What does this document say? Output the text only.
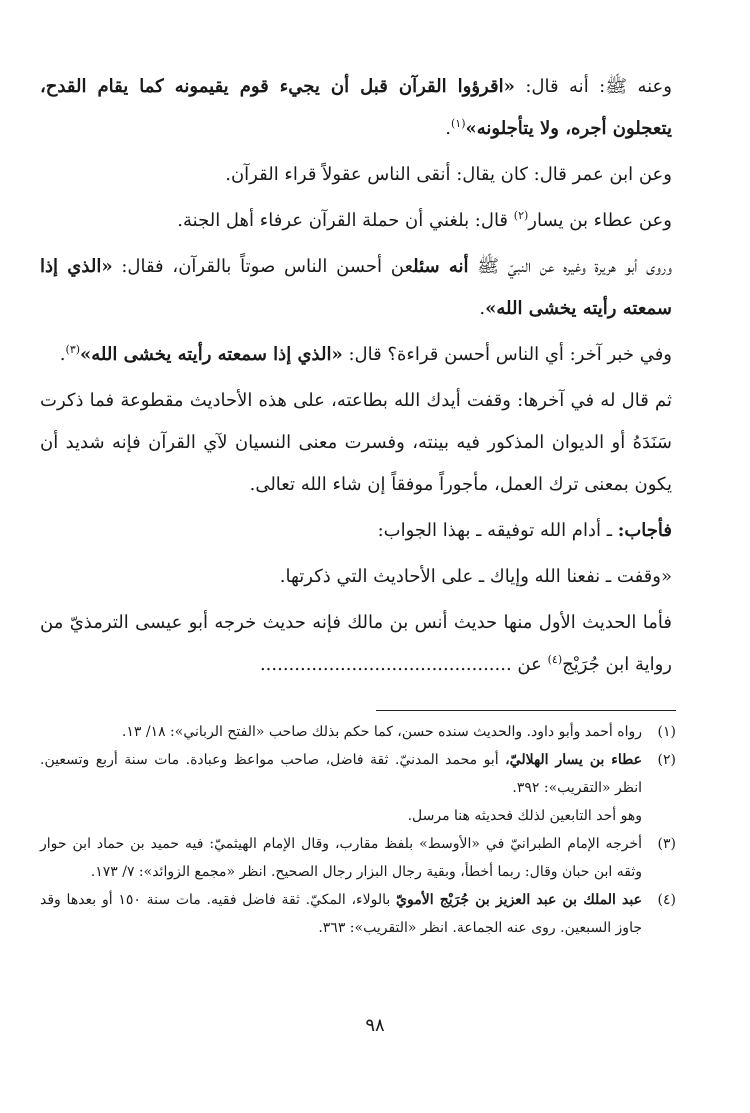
وعنه ﷺ: أنه قال: «اقرؤوا القرآن قبل أن يجيء قوم يقيمونه كما يقام القدح، يتعجلون أجره، ولا يتأجلونه»$^{(١)}$.

وعن ابن عمر قال: كان يقال: أنقى الناس عقولاً قراء القرآن.

وعن عطاء بن يسار$^{(٢)}$ قال: بلغني أن حملة القرآن عرفاء أهل الجنة.

وروى أبو هريرة وغيره عن النبيّ ﷺ أنه سئلعن أحسن الناس صوتاً بالقرآن، فقال: «الذي إذا سمعته رأيته يخشى الله».

وفي خبر آخر: أي الناس أحسن قراءة؟ قال: «الذي إذا سمعته رأيته يخشى الله»$^{(٣)}$.

ثم قال له في آخرها: وقفت أيدك الله بطاعته، على هذه الأحاديث مقطوعة فما ذكرت سَنَدَهُ أو الديوان المذكور فيه بينته، وفسرت معنى النسيان لآي القرآن فإنه شديد أن يكون بمعنى ترك العمل، مأجوراً موفقاً إن شاء الله تعالى.

فأجاب: ـ أدام الله توفيقه ـ بهذا الجواب:

«وقفت ـ نفعنا الله وإياك ـ على الأحاديث التي ذكرتها.

فأما الحديث الأول منها حديث أنس بن مالك فإنه حديث خرجه أبو عيسى الترمذيّ من رواية ابن جُرَيْج$^{(٤)}$ عن ............................................

(١)
رواه أحمد وأبو داود. والحديث سنده حسن، كما حكم بذلك صاحب «الفتح الرباني»: ١٨/ ١٣.
(٢)
عطاء بن يسار الهلاليّ، أبو محمد المدنيّ. ثقة فاضل، صاحب مواعظ وعبادة. مات سنة أربع وتسعين. انظر «التقريب»: ٣٩٢.
وهو أحد التابعين لذلك فحديثه هنا مرسل.
(٣)
أخرجه الإمام الطبرانيّ في «الأوسط» بلفظ مقارب، وقال الإمام الهيثميّ: فيه حميد بن حماد ابن حوار وثقه ابن حبان وقال: ربما أخطأ، وبقية رجال البزار رجال الصحيح. انظر «مجمع الزوائد»: ٧/ ١٧٣.
(٤)
عبد الملك بن عبد العزيز بن جُرَيْج الأمويّ بالولاء، المكيّ. ثقة فاضل فقيه. مات سنة ١٥٠ أو بعدها وقد جاوز السبعين. روى عنه الجماعة. انظر «التقريب»: ٣٦٣.
٩٨
